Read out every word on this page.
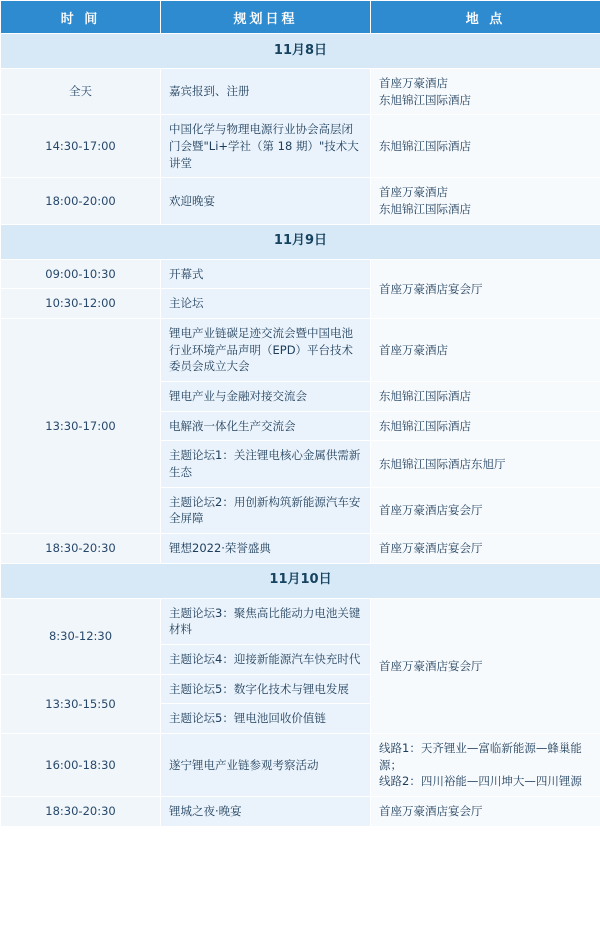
时 间	规划日程	地 点
11月8日		
全天	嘉宾报到、注册	首座万豪酒店
东旭锦江国际酒店

14:30-17:00	中国化学与物理电源行业协会高层闭门会暨"Li+学社（第 18 期）"技术大讲堂	东旭锦江国际酒店

18:00-20:00	欢迎晚宴	首座万豪酒店
东旭锦江国际酒店

11月9日		
09:00-10:30	开幕式	首座万豪酒店宴会厅

10:30-12:00	主论坛	
13:30-17:00	锂电产业链碳足迹交流会暨中国电池行业环境产品声明（EPD）平台技术委员会成立大会	首座万豪酒店

	锂电产业与金融对接交流会	东旭锦江国际酒店

	电解液一体化生产交流会	东旭锦江国际酒店

	主题论坛1：关注锂电核心金属供需新生态	东旭锦江国际酒店东旭厅

	主题论坛2：用创新构筑新能源汽车安全屏障	首座万豪酒店宴会厅

18:30-20:30	锂想2022·荣誉盛典	首座万豪酒店宴会厅

11月10日		
8:30-12:30	主题论坛3：聚焦高比能动力电池关键材料	首座万豪酒店宴会厅

	主题论坛4：迎接新能源汽车快充时代	
13:30-15:50	主题论坛5：数字化技术与锂电发展	
	主题论坛5：锂电池回收价值链	
16:00-18:30	遂宁锂电产业链参观考察活动	线路1：天齐锂业—富临新能源—蜂巢能源；
线路2：四川裕能—四川坤大—四川锂源

18:30-20:30	锂城之夜·晚宴	首座万豪酒店宴会厅
